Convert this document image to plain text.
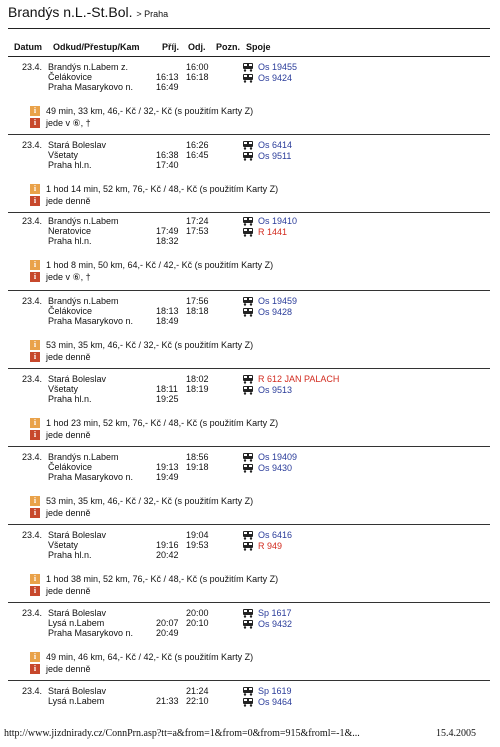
Brandýs n.L.-St.Bol. > Praha
Datum Odkud/Přestup/Kam Příj. Odj. Pozn. Spoje
23.4. Brandýs n.Labem z.	16:00
Čelákovice	16:13 16:18
Praha Masarykovo n.	16:49
Os 19455
Os 9424
i	49 min, 33 km, 46,- Kč / 32,- Kč (s použitím Karty Z)
i	jede v ⑥, †
23.4. Stará Boleslav	16:26
Všetaty	16:38 16:45
Praha hl.n.	17:40
Os 6414
Os 9511
i	1 hod 14 min, 52 km, 76,- Kč / 48,- Kč (s použitím Karty Z)
i	jede denně
23.4. Brandýs n.Labem	17:24
Neratovice	17:49 17:53
Praha hl.n.	18:32
Os 19410
R 1441
i	1 hod 8 min, 50 km, 64,- Kč / 42,- Kč (s použitím Karty Z)
i	jede v ⑥, †
23.4. Brandýs n.Labem	17:56
Čelákovice	18:13 18:18
Praha Masarykovo n.	18:49
Os 19459
Os 9428
i	53 min, 35 km, 46,- Kč / 32,- Kč (s použitím Karty Z)
i	jede denně
23.4. Stará Boleslav	18:02
Všetaty	18:11 18:19
Praha hl.n.	19:25
R 612 JAN PALACH
Os 9513
i	1 hod 23 min, 52 km, 76,- Kč / 48,- Kč (s použitím Karty Z)
i	jede denně
23.4. Brandýs n.Labem	18:56
Čelákovice	19:13 19:18
Praha Masarykovo n.	19:49
Os 19409
Os 9430
i	53 min, 35 km, 46,- Kč / 32,- Kč (s použitím Karty Z)
i	jede denně
23.4. Stará Boleslav	19:04
Všetaty	19:16 19:53
Praha hl.n.	20:42
Os 6416
R 949
i	1 hod 38 min, 52 km, 76,- Kč / 48,- Kč (s použitím Karty Z)
i	jede denně
23.4. Stará Boleslav	20:00
Lysá n.Labem	20:07 20:10
Praha Masarykovo n.	20:49
Sp 1617
Os 9432
i	49 min, 46 km, 64,- Kč / 42,- Kč (s použitím Karty Z)
i	jede denně
23.4. Stará Boleslav	21:24
Lysá n.Labem	21:33 22:10
Sp 1619
Os 9464
http://www.jizdnirady.cz/ConnPrn.asp?tt=a&from=1&from=0&from=915&froml=-1&...	15.4.2005
